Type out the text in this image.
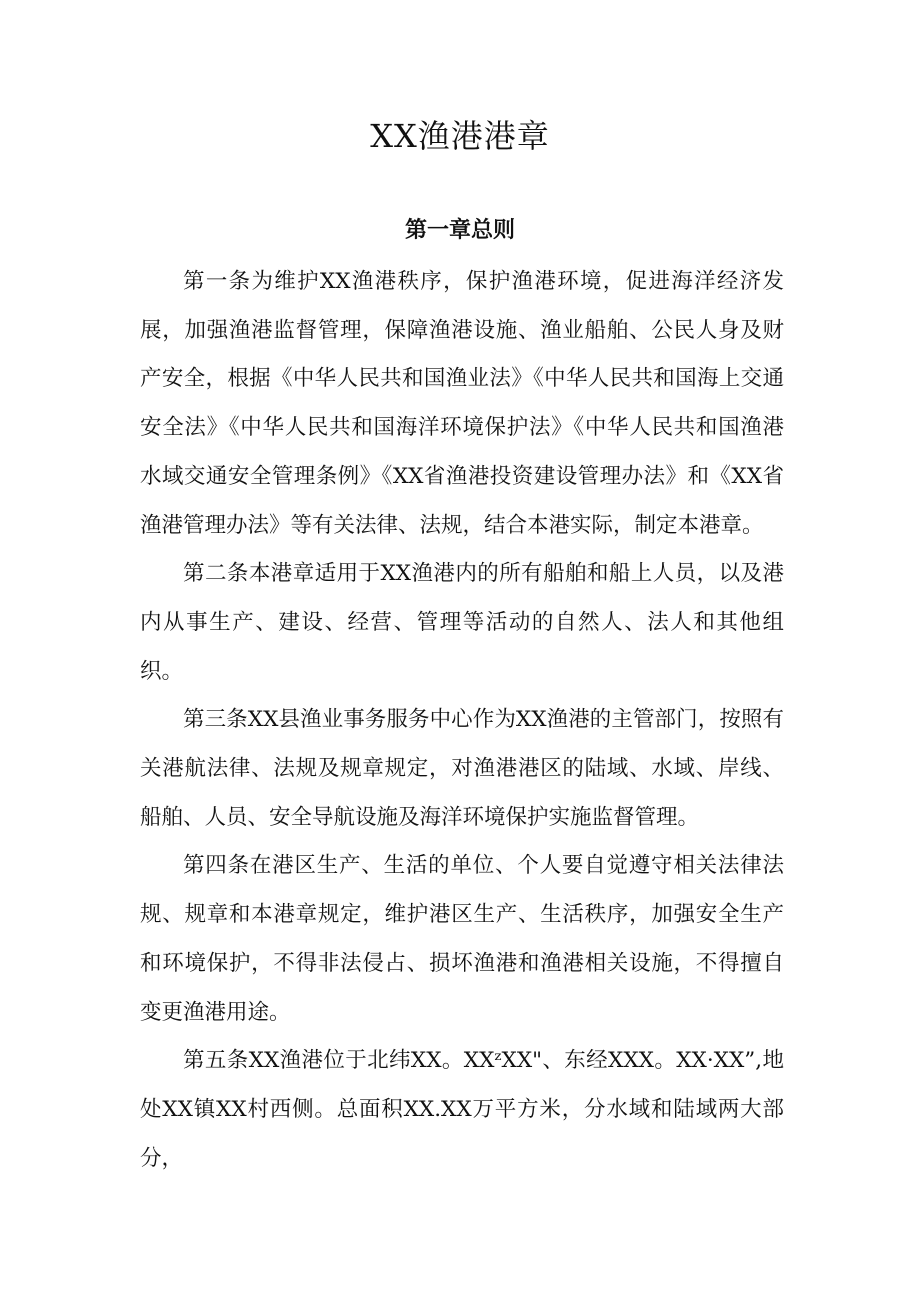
XX渔港港章
第一章总则

第一条为维护XX渔港秩序，保护渔港环境，促进海洋经济发展，加强渔港监督管理，保障渔港设施、渔业船舶、公民人身及财产安全，根据《中华人民共和国渔业法》《中华人民共和国海上交通安全法》《中华人民共和国海洋环境保护法》《中华人民共和国渔港水域交通安全管理条例》《XX省渔港投资建设管理办法》和《XX省渔港管理办法》等有关法律、法规，结合本港实际，制定本港章。

第二条本港章适用于XX渔港内的所有船舶和船上人员，以及港内从事生产、建设、经营、管理等活动的自然人、法人和其他组织。

第三条XX县渔业事务服务中心作为XX渔港的主管部门，按照有关港航法律、法规及规章规定，对渔港港区的陆域、水域、岸线、船舶、人员、安全导航设施及海洋环境保护实施监督管理。

第四条在港区生产、生活的单位、个人要自觉遵守相关法律法规、规章和本港章规定，维护港区生产、生活秩序，加强安全生产和环境保护，不得非法侵占、损坏渔港和渔港相关设施，不得擅自变更渔港用途。

第五条XX渔港位于北纬XX。XXᶻXX"、东经XXX。XX·XX”,地处XX镇XX村西侧。总面积XX.XX万平方米，分水域和陆域两大部分，
